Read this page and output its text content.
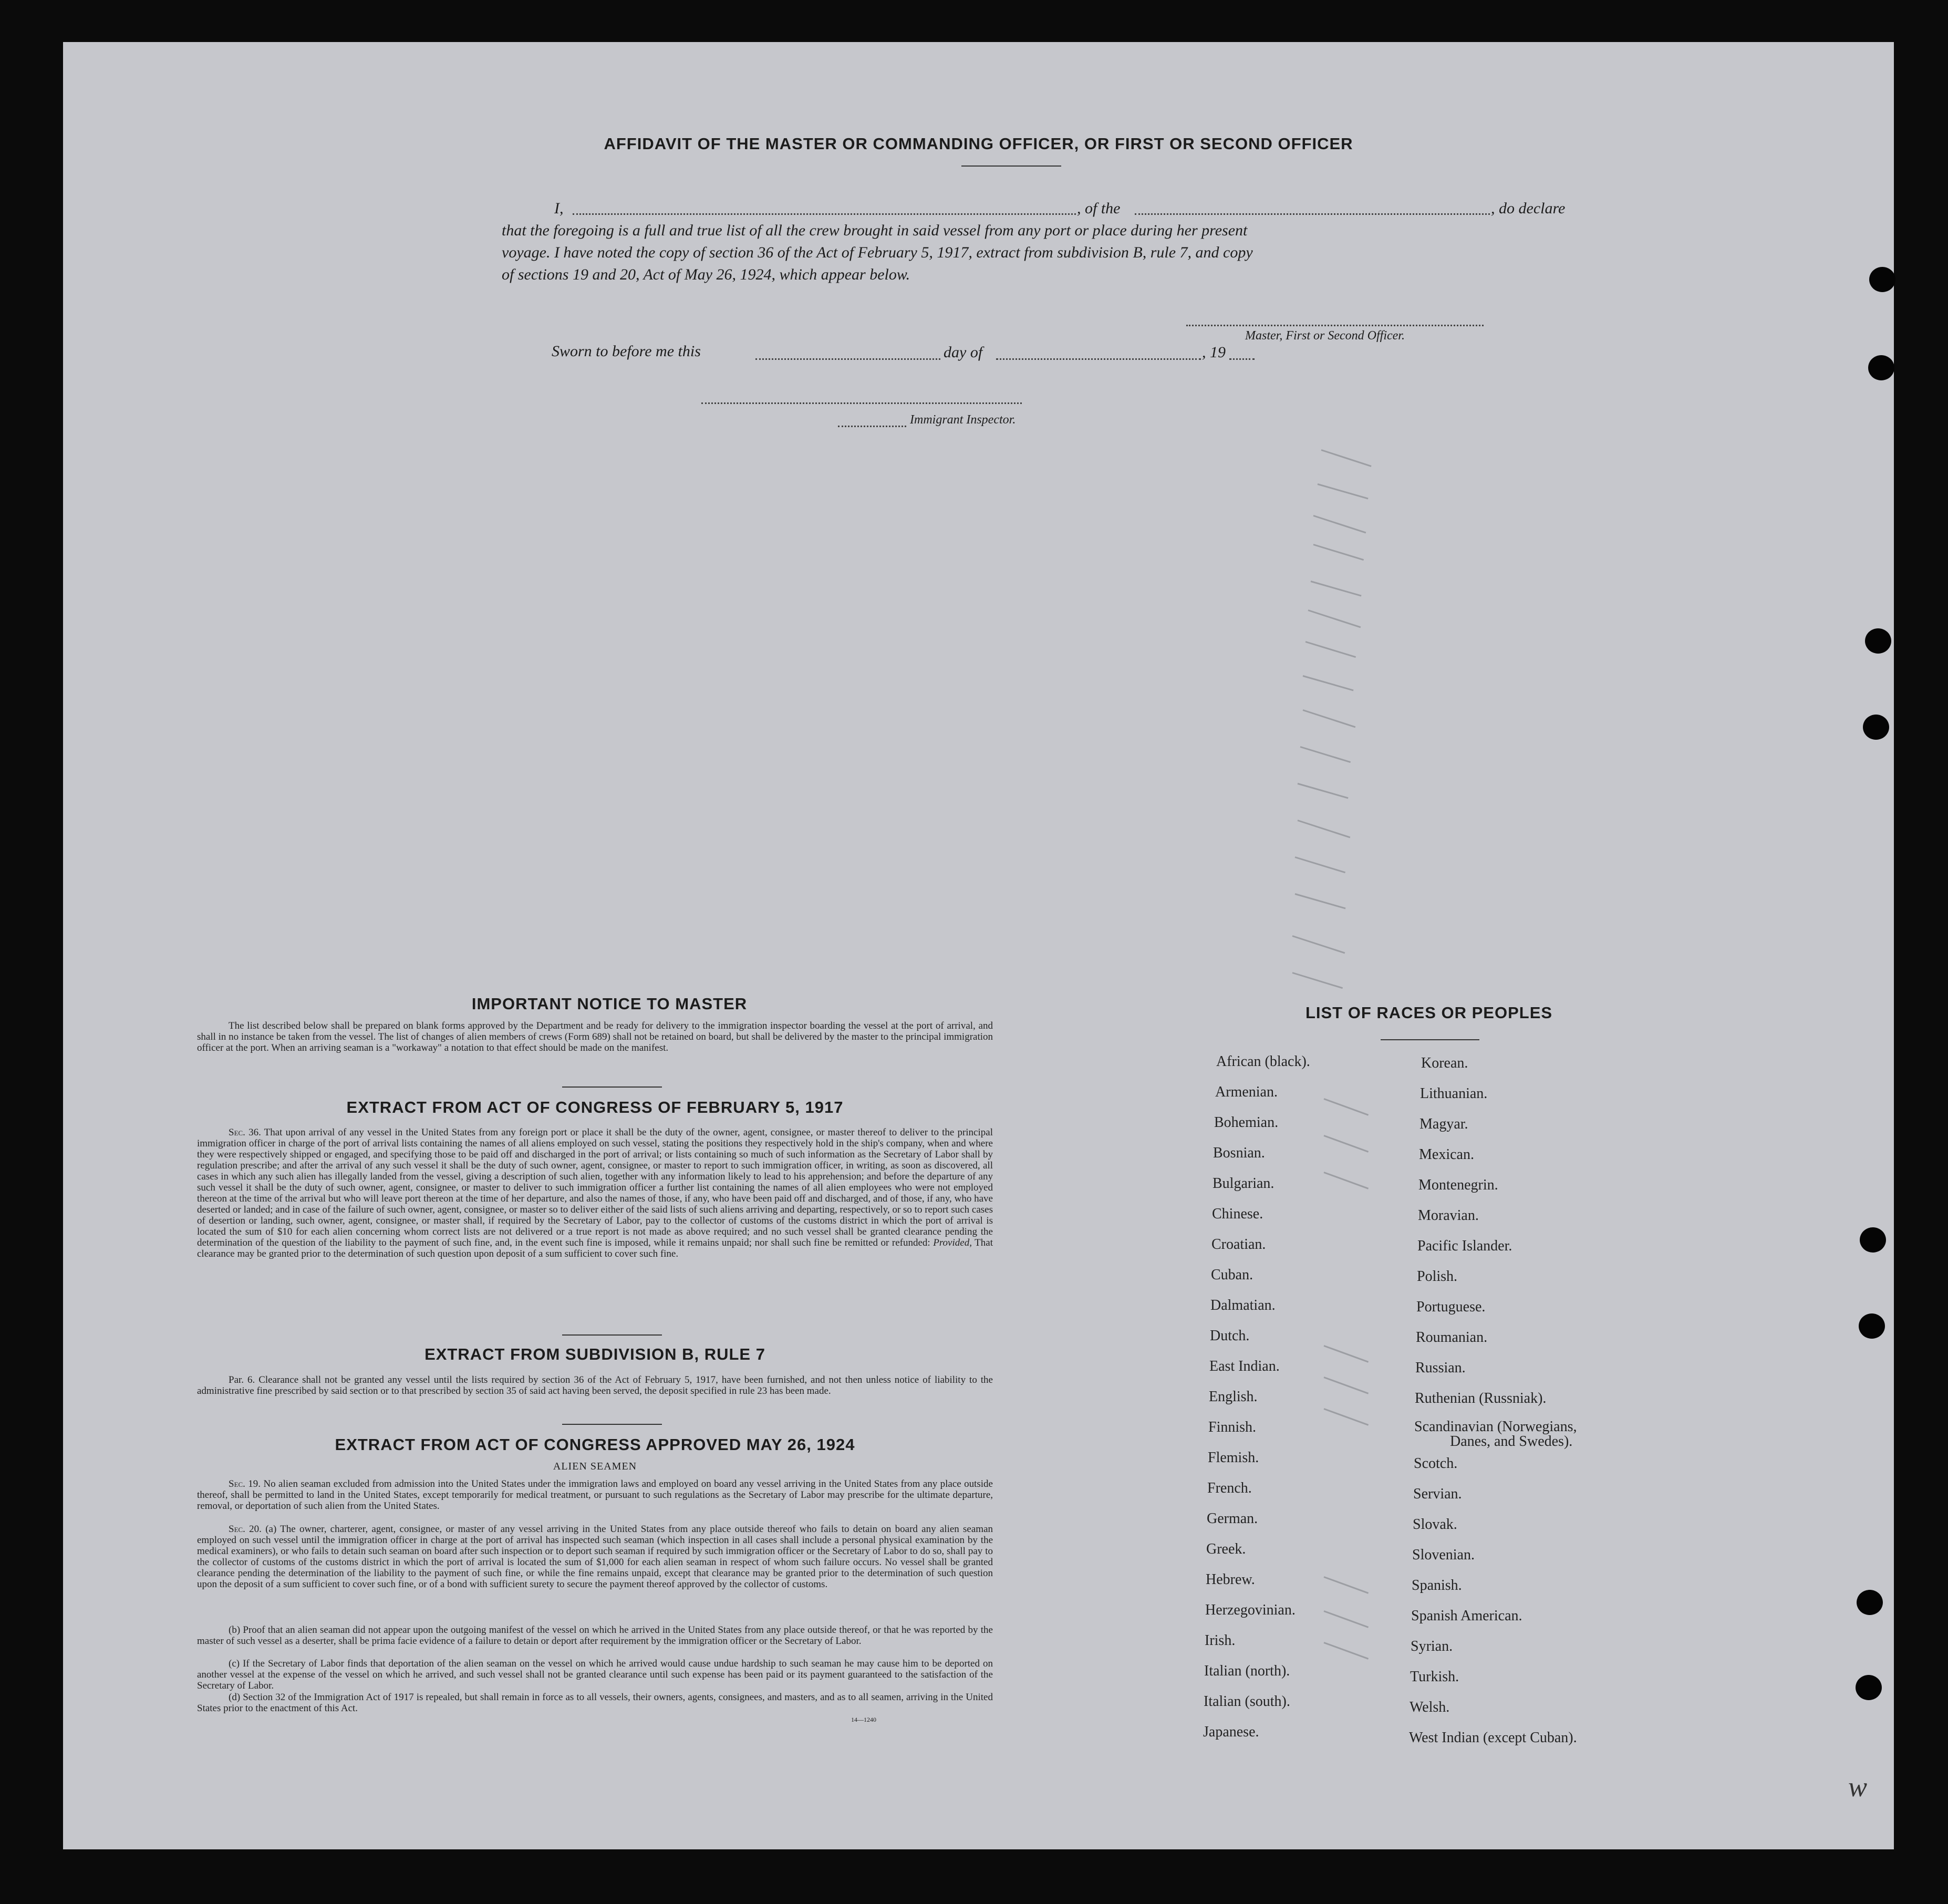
AFFIDAVIT OF THE MASTER OR COMMANDING OFFICER, OR FIRST OR SECOND OFFICER
I,	, of the	, do declare
that the foregoing is a full and true list of all the crew brought in said vessel from any port or place during her present
voyage. I have noted the copy of section 36 of the Act of February 5, 1917, extract from subdivision B, rule 7, and copy
of sections 19 and 20, Act of May 26, 1924, which appear below.
Master, First or Second Officer.
Sworn to before me this	day of	, 19
Immigrant Inspector.
IMPORTANT NOTICE TO MASTER
The list described below shall be prepared on blank forms approved by the Department and be ready for delivery to the immigration inspector boarding the vessel at the port of arrival, and shall in no instance be taken from the vessel. The list of changes of alien members of crews (Form 689) shall not be retained on board, but shall be delivered by the master to the principal immigration officer at the port. When an arriving seaman is a "workaway" a notation to that effect should be made on the manifest.
EXTRACT FROM ACT OF CONGRESS OF FEBRUARY 5, 1917
Sec. 36. That upon arrival of any vessel in the United States from any foreign port or place it shall be the duty of the owner, agent, consignee, or master thereof to deliver to the principal immigration officer in charge of the port of arrival lists containing the names of all aliens employed on such vessel, stating the positions they respectively hold in the ship's company, when and where they were respectively shipped or engaged, and specifying those to be paid off and discharged in the port of arrival; or lists containing so much of such information as the Secretary of Labor shall by regulation prescribe; and after the arrival of any such vessel it shall be the duty of such owner, agent, consignee, or master to report to such immigration officer, in writing, as soon as discovered, all cases in which any such alien has illegally landed from the vessel, giving a description of such alien, together with any information likely to lead to his apprehension; and before the departure of any such vessel it shall be the duty of such owner, agent, consignee, or master to deliver to such immigration officer a further list containing the names of all alien employees who were not employed thereon at the time of the arrival but who will leave port thereon at the time of her departure, and also the names of those, if any, who have been paid off and discharged, and of those, if any, who have deserted or landed; and in case of the failure of such owner, agent, consignee, or master so to deliver either of the said lists of such aliens arriving and departing, respectively, or so to report such cases of desertion or landing, such owner, agent, consignee, or master shall, if required by the Secretary of Labor, pay to the collector of customs of the customs district in which the port of arrival is located the sum of $10 for each alien concerning whom correct lists are not delivered or a true report is not made as above required; and no such vessel shall be granted clearance pending the determination of the question of the liability to the payment of such fine, and, in the event such fine is imposed, while it remains unpaid; nor shall such fine be remitted or refunded: Provided, That clearance may be granted prior to the determination of such question upon deposit of a sum sufficient to cover such fine.
EXTRACT FROM SUBDIVISION B, RULE 7
Par. 6. Clearance shall not be granted any vessel until the lists required by section 36 of the Act of February 5, 1917, have been furnished, and not then unless notice of liability to the administrative fine prescribed by said section or to that prescribed by section 35 of said act having been served, the deposit specified in rule 23 has been made.
EXTRACT FROM ACT OF CONGRESS APPROVED MAY 26, 1924
ALIEN SEAMEN
Sec. 19. No alien seaman excluded from admission into the United States under the immigration laws and employed on board any vessel arriving in the United States from any place outside thereof, shall be permitted to land in the United States, except temporarily for medical treatment, or pursuant to such regulations as the Secretary of Labor may prescribe for the ultimate departure, removal, or deportation of such alien from the United States.
Sec. 20. (a) The owner, charterer, agent, consignee, or master of any vessel arriving in the United States from any place outside thereof who fails to detain on board any alien seaman employed on such vessel until the immigration officer in charge at the port of arrival has inspected such seaman (which inspection in all cases shall include a personal physical examination by the medical examiners), or who fails to detain such seaman on board after such inspection or to deport such seaman if required by such immigration officer or the Secretary of Labor to do so, shall pay to the collector of customs of the customs district in which the port of arrival is located the sum of $1,000 for each alien seaman in respect of whom such failure occurs. No vessel shall be granted clearance pending the determination of the liability to the payment of such fine, or while the fine remains unpaid, except that clearance may be granted prior to the determination of such question upon the deposit of a sum sufficient to cover such fine, or of a bond with sufficient surety to secure the payment thereof approved by the collector of customs.
(b) Proof that an alien seaman did not appear upon the outgoing manifest of the vessel on which he arrived in the United States from any place outside thereof, or that he was reported by the master of such vessel as a deserter, shall be prima facie evidence of a failure to detain or deport after requirement by the immigration officer or the Secretary of Labor.
(c) If the Secretary of Labor finds that deportation of the alien seaman on the vessel on which he arrived would cause undue hardship to such seaman he may cause him to be deported on another vessel at the expense of the vessel on which he arrived, and such vessel shall not be granted clearance until such expense has been paid or its payment guaranteed to the satisfaction of the Secretary of Labor.
(d) Section 32 of the Immigration Act of 1917 is repealed, but shall remain in force as to all vessels, their owners, agents, consignees, and masters, and as to all seamen, arriving in the United States prior to the enactment of this Act.
14—1240
LIST OF RACES OR PEOPLES
African (black).
Armenian.
Bohemian.
Bosnian.
Bulgarian.
Chinese.
Croatian.
Cuban.
Dalmatian.
Dutch.
East Indian.
English.
Finnish.
Flemish.
French.
German.
Greek.
Hebrew.
Herzegovinian.
Irish.
Italian (north).
Italian (south).
Japanese.
Korean.
Lithuanian.
Magyar.
Mexican.
Montenegrin.
Moravian.
Pacific Islander.
Polish.
Portuguese.
Roumanian.
Russian.
Ruthenian (Russniak).
Scandinavian (Norwegians,
Danes, and Swedes).
Scotch.
Servian.
Slovak.
Slovenian.
Spanish.
Spanish American.
Syrian.
Turkish.
Welsh.
West Indian (except Cuban).
w
